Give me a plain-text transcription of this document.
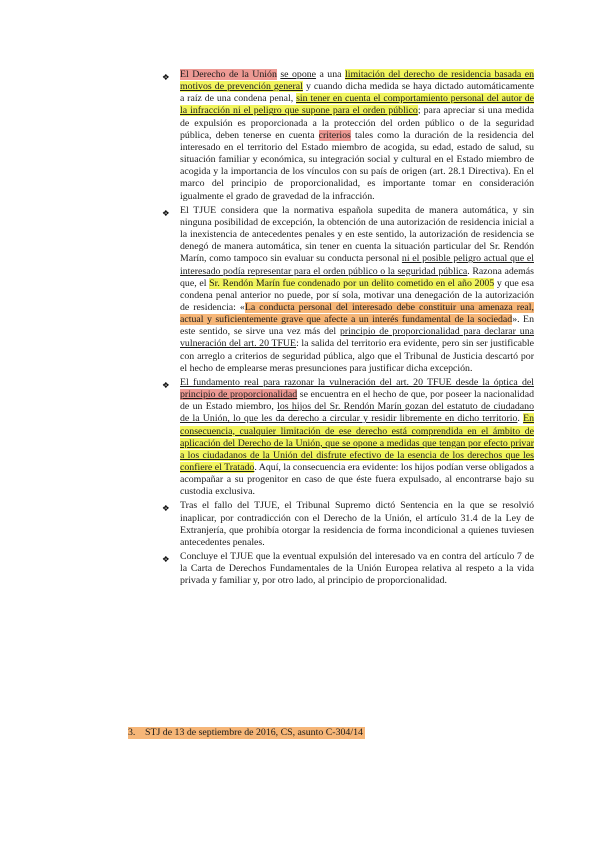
❖ El Derecho de la Unión se opone a una limitación del derecho de residencia basada en motivos de prevención general y cuando dicha medida se haya dictado automáticamente a raíz de una condena penal, sin tener en cuenta el comportamiento personal del autor de la infracción ni el peligro que supone para el orden público; para apreciar si una medida de expulsión es proporcionada a la protección del orden público o de la seguridad pública, deben tenerse en cuenta criterios tales como la duración de la residencia del interesado en el territorio del Estado miembro de acogida, su edad, estado de salud, su situación familiar y económica, su integración social y cultural en el Estado miembro de acogida y la importancia de los vínculos con su país de origen (art. 28.1 Directiva). En el marco del principio de proporcionalidad, es importante tomar en consideración igualmente el grado de gravedad de la infracción.

❖ El TJUE considera que la normativa española supedita de manera automática, y sin ninguna posibilidad de excepción, la obtención de una autorización de residencia inicial a la inexistencia de antecedentes penales y en este sentido, la autorización de residencia se denegó de manera automática, sin tener en cuenta la situación particular del Sr. Rendón Marín, como tampoco sin evaluar su conducta personal ni el posible peligro actual que el interesado podía representar para el orden público o la seguridad pública. Razona además que, el Sr. Rendón Marín fue condenado por un delito cometido en el año 2005 y que esa condena penal anterior no puede, por sí sola, motivar una denegación de la autorización de residencia: «La conducta personal del interesado debe constituir una amenaza real, actual y suficientemente grave que afecte a un interés fundamental de la sociedad». En este sentido, se sirve una vez más del principio de proporcionalidad para declarar una vulneración del art. 20 TFUE: la salida del territorio era evidente, pero sin ser justificable con arreglo a criterios de seguridad pública, algo que el Tribunal de Justicia descartó por el hecho de emplearse meras presunciones para justificar dicha excepción.

❖ El fundamento real para razonar la vulneración del art. 20 TFUE desde la óptica del principio de proporcionalidad se encuentra en el hecho de que, por poseer la nacionalidad de un Estado miembro, los hijos del Sr. Rendón Marín gozan del estatuto de ciudadano de la Unión, lo que les da derecho a circular y residir libremente en dicho territorio. En consecuencia, cualquier limitación de ese derecho está comprendida en el ámbito de aplicación del Derecho de la Unión, que se opone a medidas que tengan por efecto privar a los ciudadanos de la Unión del disfrute efectivo de la esencia de los derechos que les confiere el Tratado. Aquí, la consecuencia era evidente: los hijos podían verse obligados a acompañar a su progenitor en caso de que éste fuera expulsado, al encontrarse bajo su custodia exclusiva.

❖ Tras el fallo del TJUE, el Tribunal Supremo dictó Sentencia en la que se resolvió inaplicar, por contradicción con el Derecho de la Unión, el artículo 31.4 de la Ley de Extranjería, que prohibía otorgar la residencia de forma incondicional a quienes tuviesen antecedentes penales.

❖ Concluye el TJUE que la eventual expulsión del interesado va en contra del artículo 7 de la Carta de Derechos Fundamentales de la Unión Europea relativa al respeto a la vida privada y familiar y, por otro lado, al principio de proporcionalidad.

3. STJ de 13 de septiembre de 2016, CS, asunto C-304/14
